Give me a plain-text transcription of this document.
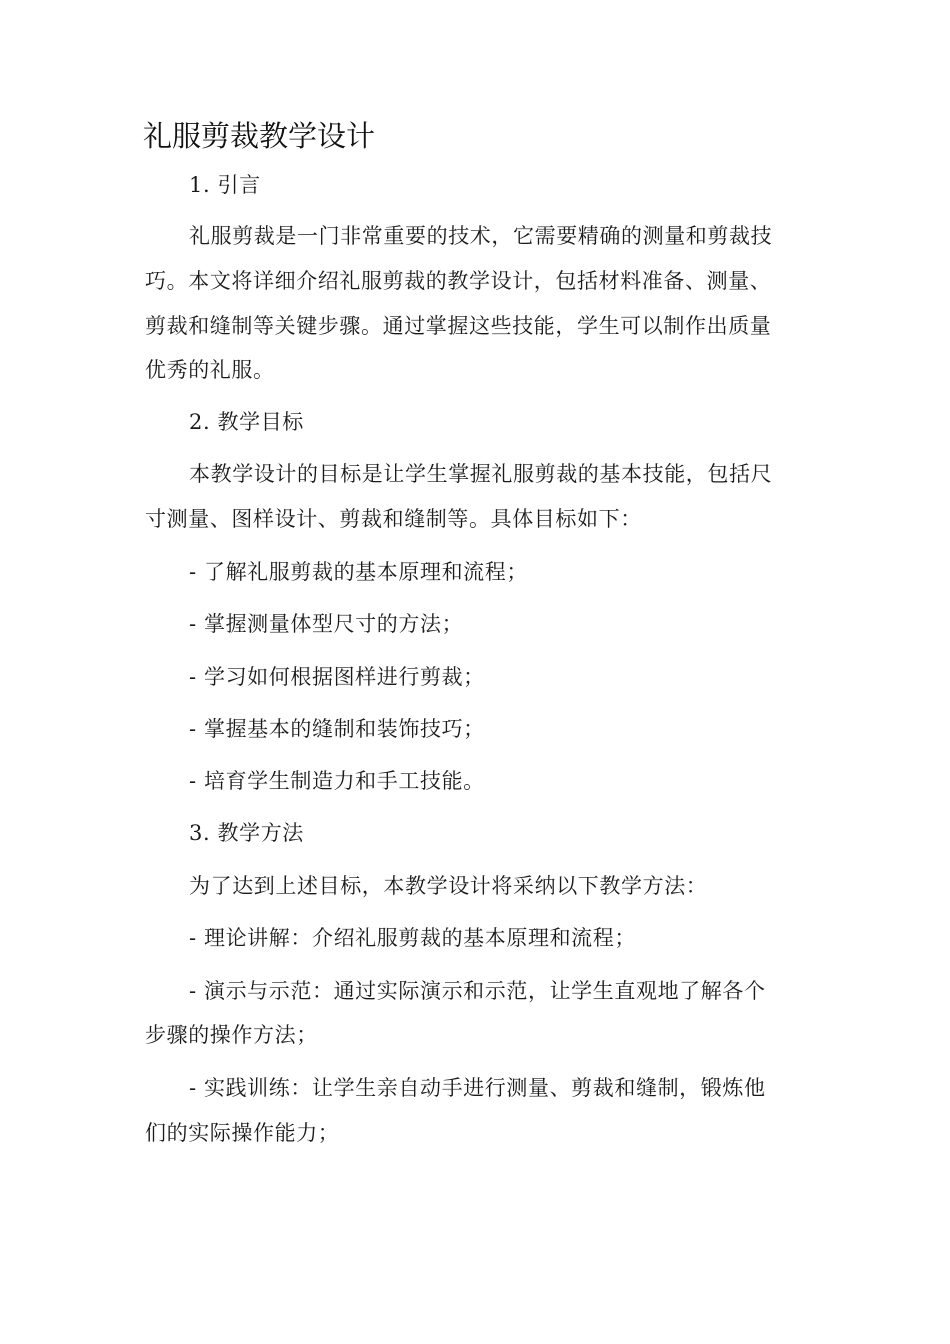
礼服剪裁教学设计
1. 引言
礼服剪裁是一门非常重要的技术，它需要精确的测量和剪裁技
巧。本文将详细介绍礼服剪裁的教学设计，包括材料准备、测量、
剪裁和缝制等关键步骤。通过掌握这些技能，学生可以制作出质量
优秀的礼服。
2. 教学目标
本教学设计的目标是让学生掌握礼服剪裁的基本技能，包括尺
寸测量、图样设计、剪裁和缝制等。具体目标如下：
- 了解礼服剪裁的基本原理和流程；
- 掌握测量体型尺寸的方法；
- 学习如何根据图样进行剪裁；
- 掌握基本的缝制和装饰技巧；
- 培育学生制造力和手工技能。
3. 教学方法
为了达到上述目标，本教学设计将采纳以下教学方法：
- 理论讲解：介绍礼服剪裁的基本原理和流程；
- 演示与示范：通过实际演示和示范，让学生直观地了解各个
步骤的操作方法；
- 实践训练：让学生亲自动手进行测量、剪裁和缝制，锻炼他
们的实际操作能力；
